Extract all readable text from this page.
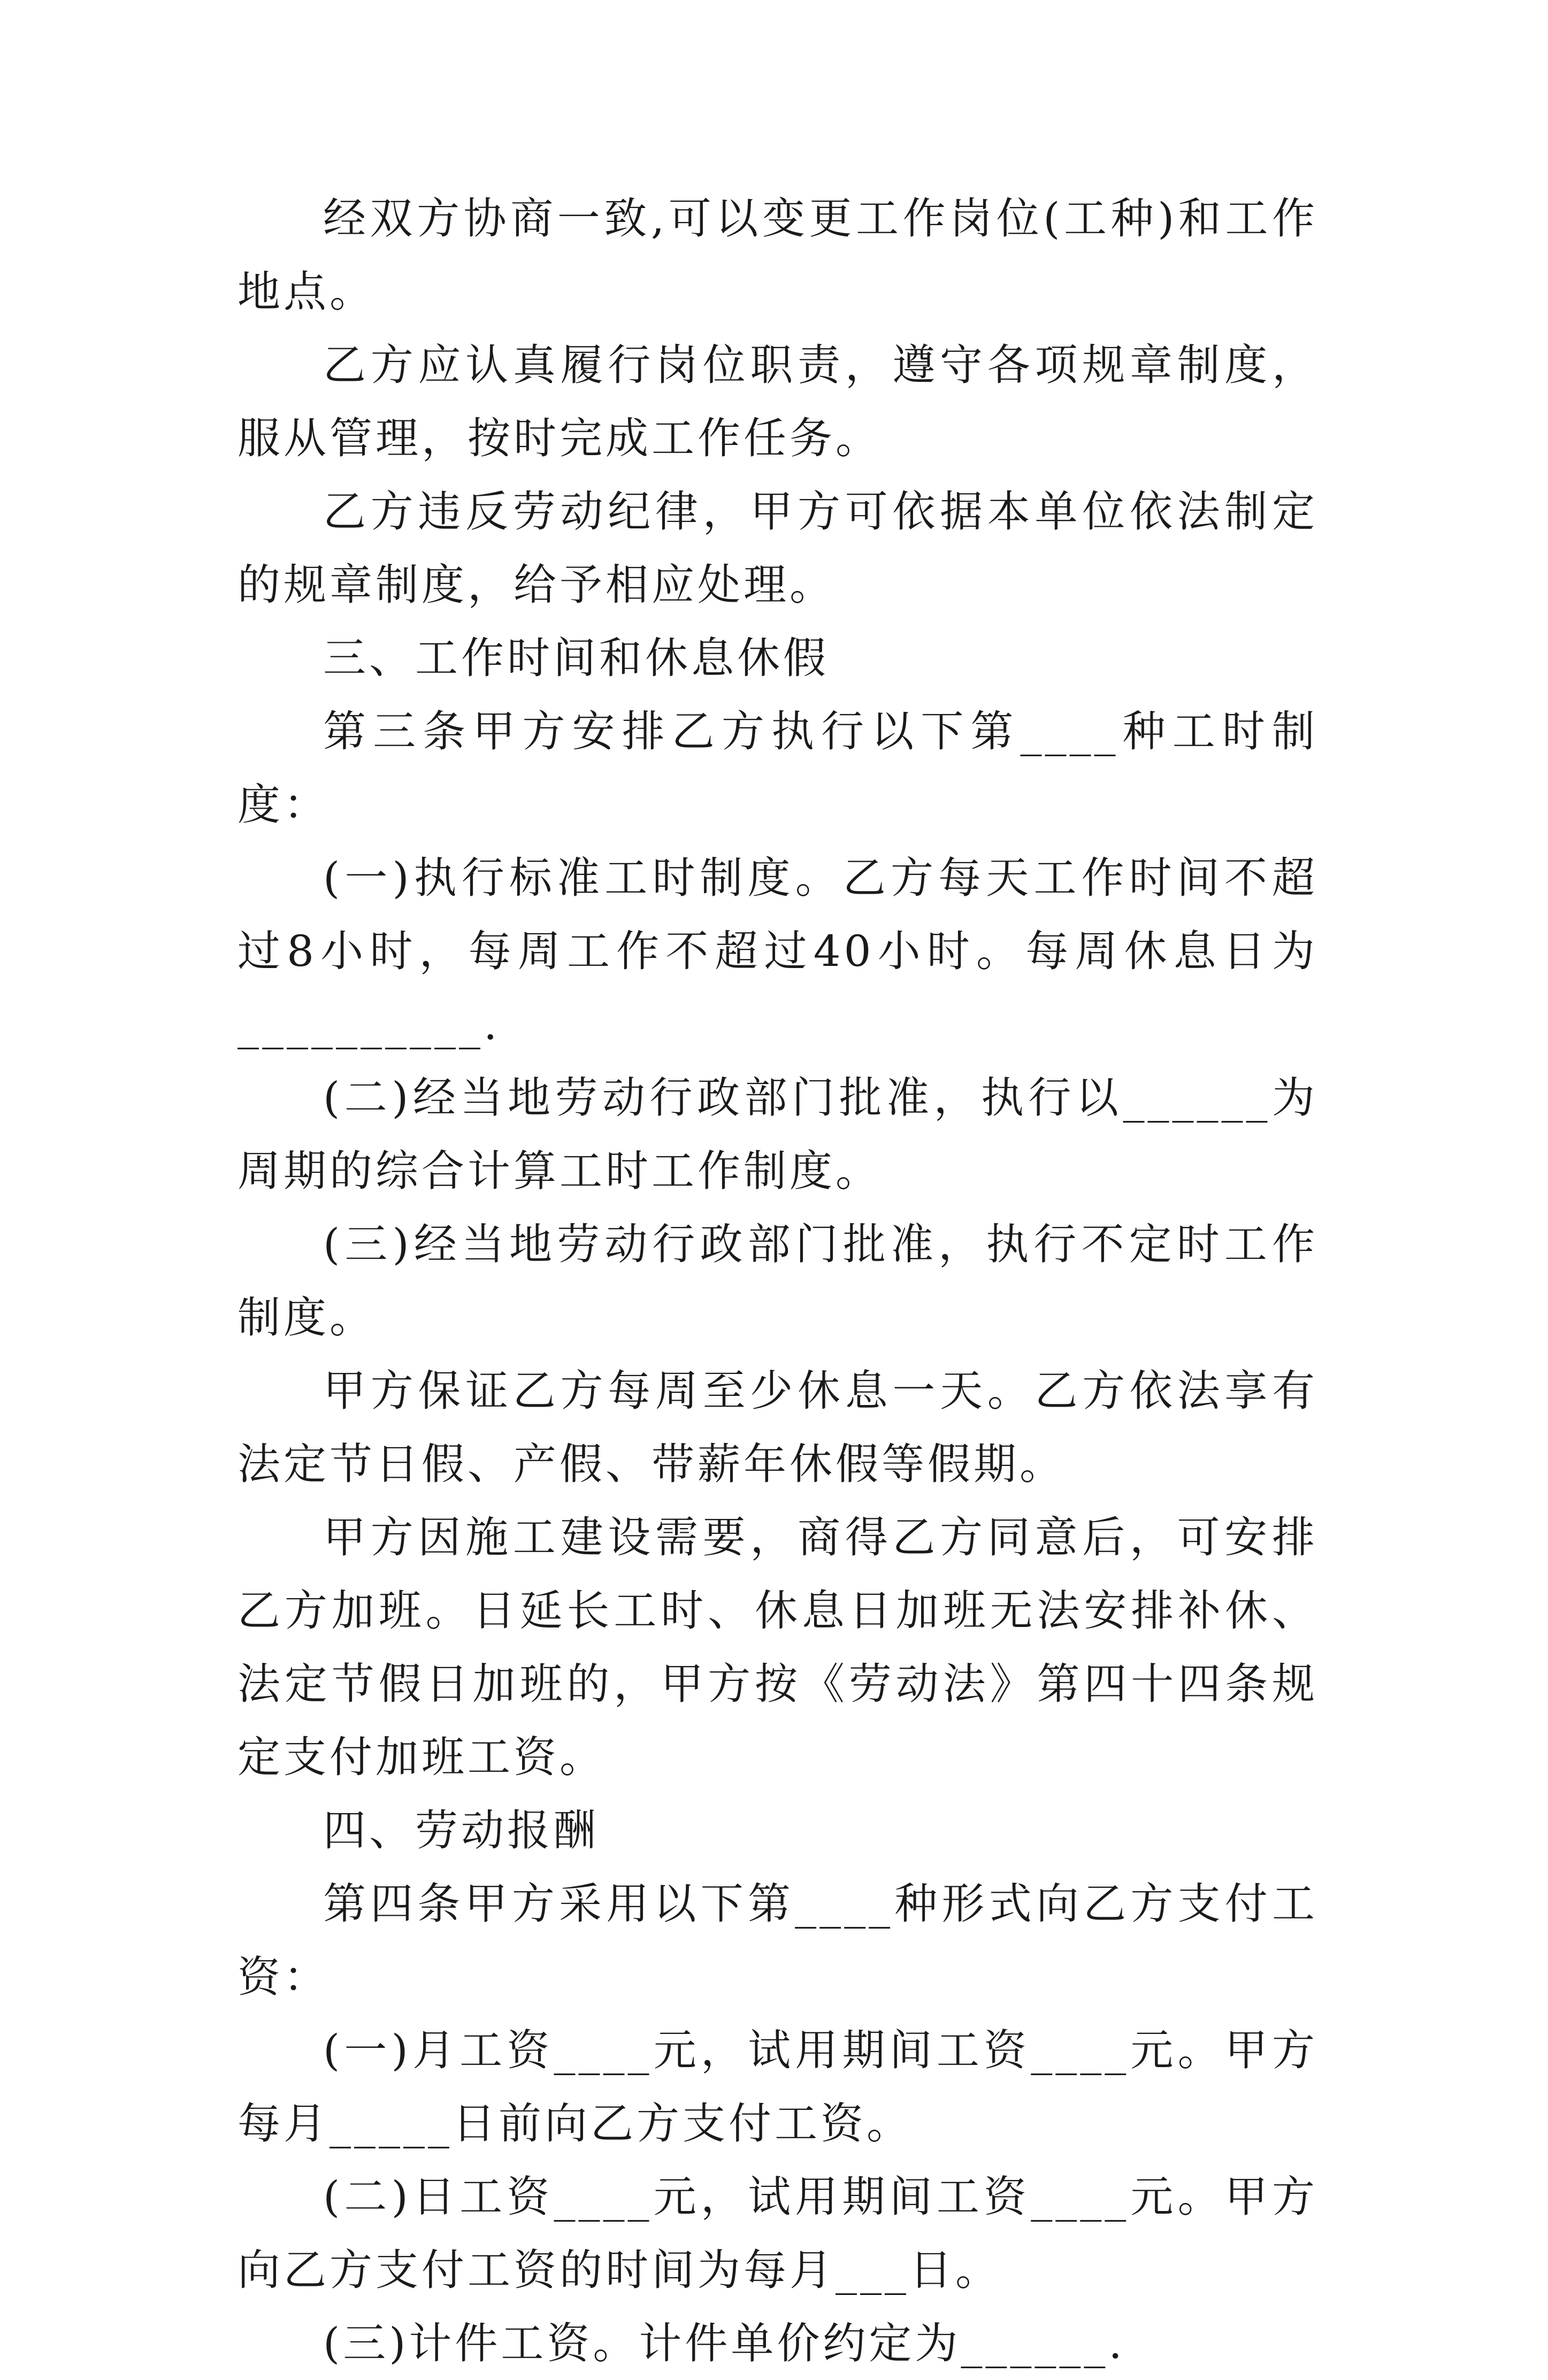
经双方协商一致,可以变更工作岗位(工种)和工作地点。

乙方应认真履行岗位职责，遵守各项规章制度，服从管理，按时完成工作任务。

乙方违反劳动纪律，甲方可依据本单位依法制定的规章制度，给予相应处理。

三、工作时间和休息休假

第三条甲方安排乙方执行以下第____种工时制度：

(一)执行标准工时制度。乙方每天工作时间不超过8小时，每周工作不超过40小时。每周休息日为__________.

(二)经当地劳动行政部门批准，执行以______为周期的综合计算工时工作制度。

(三)经当地劳动行政部门批准，执行不定时工作制度。

甲方保证乙方每周至少休息一天。乙方依法享有法定节日假、产假、带薪年休假等假期。

甲方因施工建设需要，商得乙方同意后，可安排乙方加班。日延长工时、休息日加班无法安排补休、法定节假日加班的，甲方按《劳动法》第四十四条规定支付加班工资。

四、劳动报酬

第四条甲方采用以下第____种形式向乙方支付工资：

(一)月工资____元，试用期间工资____元。甲方每月_____日前向乙方支付工资。

(二)日工资____元，试用期间工资____元。甲方向乙方支付工资的时间为每月___日。

(三)计件工资。计件单价约定为______.
